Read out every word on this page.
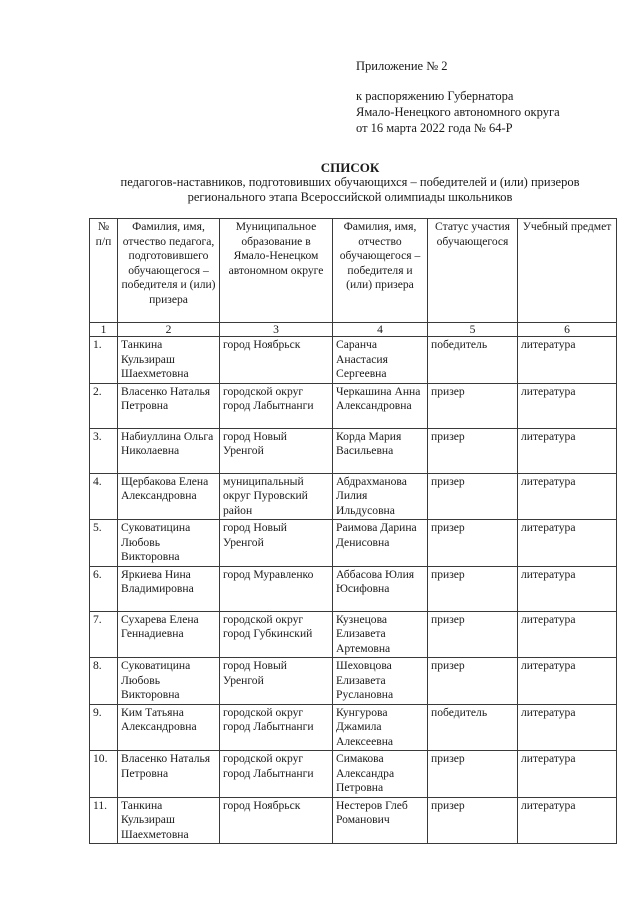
Приложение № 2
к распоряжению Губернатора
Ямало-Ненецкого автономного округа
от 16 марта 2022 года № 64-Р
СПИСОК
педагогов-наставников, подготовивших обучающихся – победителей и (или) призеров
регионального этапа Всероссийской олимпиады школьников
№ п/п	Фамилия, имя, отчество педагога, подготовившего обучающегося – победителя и (или) призера	Муниципальное образование в Ямало-Ненецком автономном округе	Фамилия, имя, отчество обучающегося – победителя и (или) призера	Статус участия обучающегося	Учебный предмет
1	2	3	4	5	6
1.	Танкина Кульзираш Шаехметовна	город Ноябрьск	Саранча Анастасия Сергеевна	победитель	литература
2.	Власенко Наталья Петровна	городской округ город Лабытнанги	Черкашина Анна Александровна	призер	литература
3.	Набиуллина Ольга Николаевна	город Новый Уренгой	Корда Мария Васильевна	призер	литература
4.	Щербакова Елена Александровна	муниципальный округ Пуровский район	Абдрахманова Лилия Ильдусовна	призер	литература
5.	Суковатицина Любовь Викторовна	город Новый Уренгой	Раимова Дарина Денисовна	призер	литература
6.	Яркиева Нина Владимировна	город Муравленко	Аббасова Юлия Юсифовна	призер	литература
7.	Сухарева Елена Геннадиевна	городской округ город Губкинский	Кузнецова Елизавета Артемовна	призер	литература
8.	Суковатицина Любовь Викторовна	город Новый Уренгой	Шеховцова Елизавета Руслановна	призер	литература
9.	Ким Татьяна Александровна	городской округ город Лабытнанги	Кунгурова Джамила Алексеевна	победитель	литература
10.	Власенко Наталья Петровна	городской округ город Лабытнанги	Симакова Александра Петровна	призер	литература
11.	Танкина Кульзираш Шаехметовна	город Ноябрьск	Нестеров Глеб Романович	призер	литература
